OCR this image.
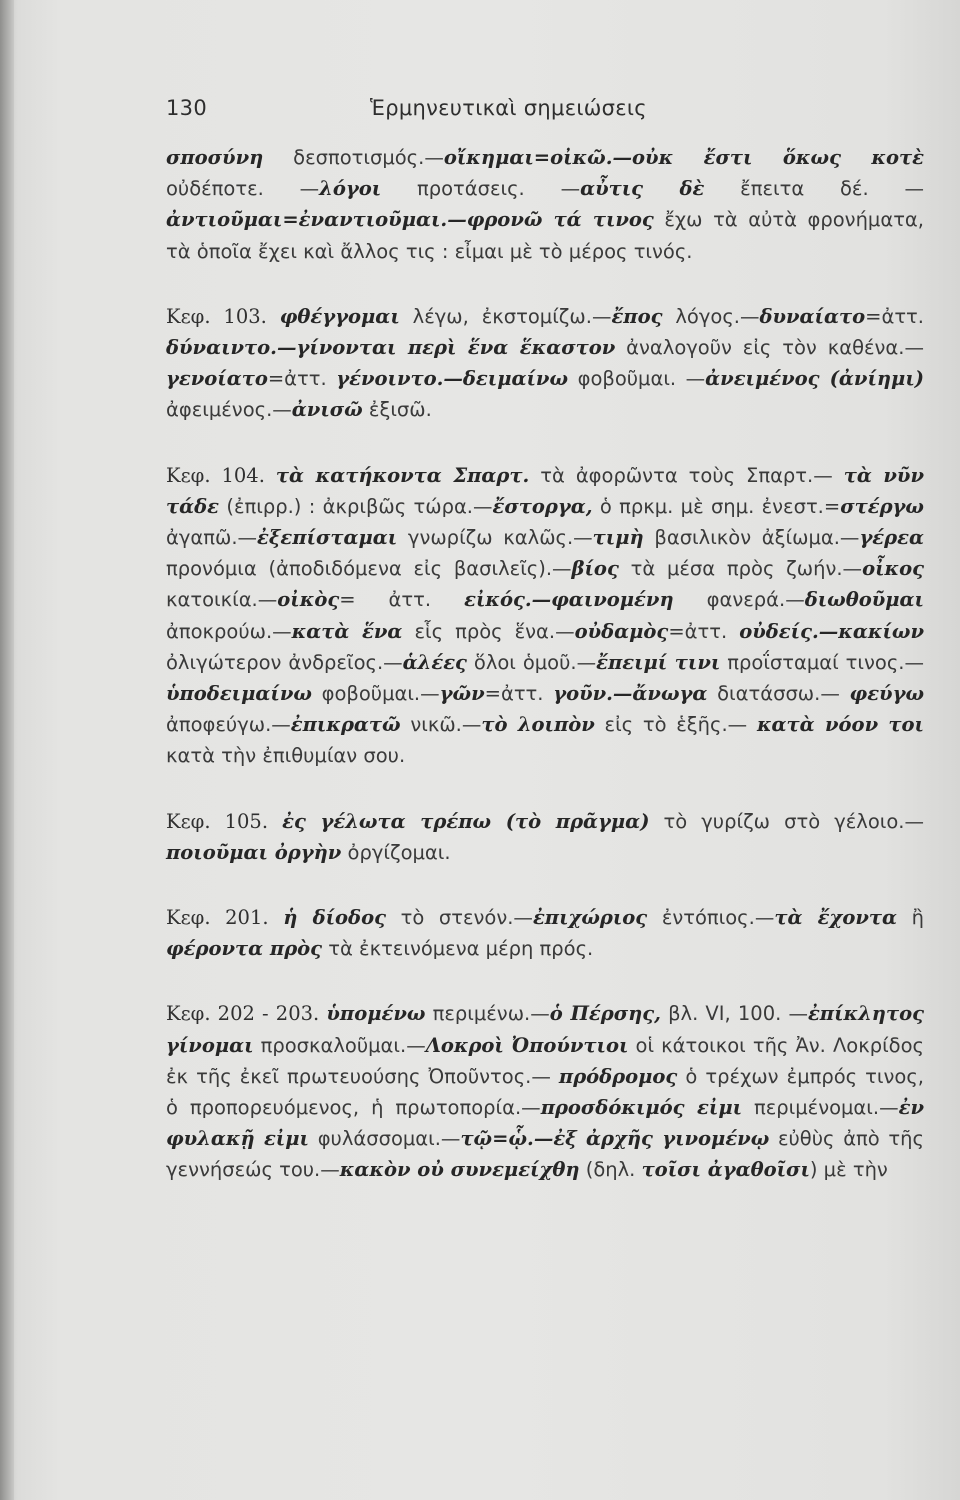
130	Ἑρμηνευτικαὶ σημειώσεις

σποσύνη δεσποτισμός.—οἴκημαι=οἰκῶ.—οὐκ ἔστι ὅκως κοτὲ οὐδέποτε. —λόγοι προτάσεις. —αὖτις δὲ ἔπειτα δέ. —ἀντιοῦμαι=ἐναντιοῦμαι.—φρονῶ τά τινος ἔχω τὰ αὐτὰ φρονήματα, τὰ ὁποῖα ἔχει καὶ ἄλλος τις : εἶμαι μὲ τὸ μέρος τινός.

Κεφ. 103. φθέγγομαι λέγω, ἐκστομίζω.—ἔπος λόγος.—δυναίατο=ἀττ. δύναιντο.—γίνονται περὶ ἕνα ἕκαστον ἀναλογοῦν εἰς τὸν καθένα.—γενοίατο=ἀττ. γένοιντο.—δειμαίνω φοβοῦμαι. —ἀνειμένος (ἀνίημι) ἀφειμένος.—ἀνισῶ ἐξισῶ.

Κεφ. 104. τὰ κατήκοντα Σπαρτ. τὰ ἀφορῶντα τοὺς Σπαρτ.— τὰ νῦν τάδε (ἐπιρρ.) : ἀκριβῶς τώρα.—ἔστοργα, ὁ πρκμ. μὲ σημ. ἐνεστ.=στέργω ἀγαπῶ.—ἐξεπίσταμαι γνωρίζω καλῶς.—τιμὴ βασιλικὸν ἀξίωμα.—γέρεα προνόμια (ἀποδιδόμενα εἰς βασιλεῖς).—βίος τὰ μέσα πρὸς ζωήν.—οἶκος κατοικία.—οἰκὸς= ἀττ. εἰκός.—φαινομένη φανερά.—διωθοῦμαι ἀποκρούω.—κατὰ ἕνα εἷς πρὸς ἕνα.—οὐδαμὸς=ἀττ. οὐδείς.—κακίων ὀλιγώτερον ἀνδρεῖος.—ἁλέες ὅλοι ὁμοῦ.—ἔπειμί τινι προΐσταμαί τινος.— ὑποδειμαίνω φοβοῦμαι.—γῶν=ἀττ. γοῦν.—ἄνωγα διατάσσω.— φεύγω ἀποφεύγω.—ἐπικρατῶ νικῶ.—τὸ λοιπὸν εἰς τὸ ἑξῆς.— κατὰ νόον τοι κατὰ τὴν ἐπιθυμίαν σου.

Κεφ. 105. ἐς γέλωτα τρέπω (τὸ πρᾶγμα) τὸ γυρίζω στὸ γέλοιο.—ποιοῦμαι ὀργὴν ὀργίζομαι.

Κεφ. 201. ἡ δίοδος τὸ στενόν.—ἐπιχώριος ἐντόπιος.—τὰ ἔχοντα ἢ φέροντα πρὸς τὰ ἐκτεινόμενα μέρη πρός.

Κεφ. 202 - 203. ὑπομένω περιμένω.—ὁ Πέρσης, βλ. VI, 100. —ἐπίκλητος γίνομαι προσκαλοῦμαι.—Λοκροὶ Ὀπούντιοι οἱ κάτοικοι τῆς Ἀν. Λοκρίδος ἐκ τῆς ἐκεῖ πρωτευούσης Ὀποῦντος.— πρόδρομος ὁ τρέχων ἐμπρός τινος, ὁ προπορευόμενος, ἡ πρωτοπορία.—προσδόκιμός εἰμι περιμένομαι.—ἐν φυλακῇ εἰμι φυλάσσομαι.—τῷ=ᾧ.—ἐξ ἀρχῆς γινομένῳ εὐθὺς ἀπὸ τῆς γεννήσεώς του.—κακὸν οὐ συνεμείχθη (δηλ. τοῖσι ἀγαθοῖσι) μὲ τὴν
